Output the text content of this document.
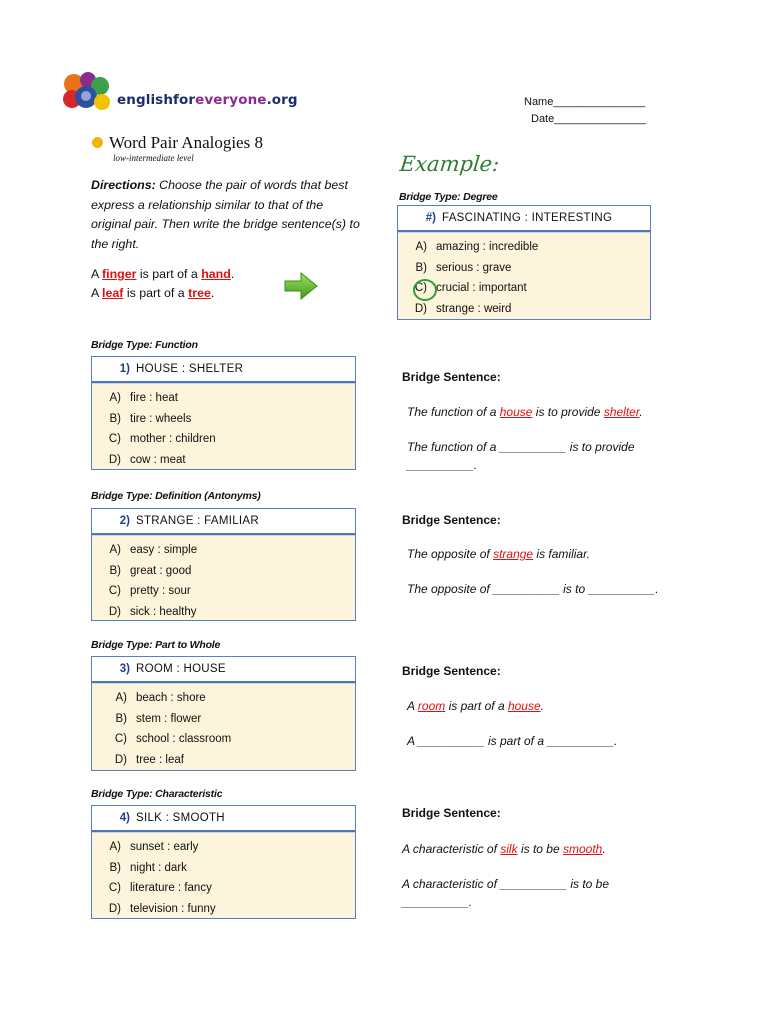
englishforeveryone.org	Name_______________
Date_______________
Word Pair Analogies 8
low-intermediate level
Directions: Choose the pair of words that best express a relationship similar to that of the original pair. Then write the bridge sentence(s) to the right.
A finger is part of a hand.
A leaf is part of a tree.
Example:
Bridge Type: Degree
#) FASCINATING : INTERESTING
A) amazing : incredible
B) serious : grave
C) crucial : important
D) strange : weird
Bridge Type: Function
1) HOUSE : SHELTER
A) fire : heat
B) tire : wheels
C) mother : children
D) cow : meat
Bridge Sentence:
The function of a house is to provide shelter.
The function of a __________ is to provide
__________.
Bridge Type: Definition (Antonyms)
2) STRANGE : FAMILIAR
A) easy : simple
B) great : good
C) pretty : sour
D) sick : healthy
Bridge Sentence:
The opposite of strange is familiar.
The opposite of __________ is to __________.
Bridge Type: Part to Whole
3) ROOM : HOUSE
A) beach : shore
B) stem : flower
C) school : classroom
D) tree : leaf
Bridge Sentence:
A room is part of a house.
A __________ is part of a __________.
Bridge Type: Characteristic
4) SILK : SMOOTH
A) sunset : early
B) night : dark
C) literature : fancy
D) television : funny
Bridge Sentence:
A characteristic of silk is to be smooth.
A characteristic of __________ is to be
__________.
